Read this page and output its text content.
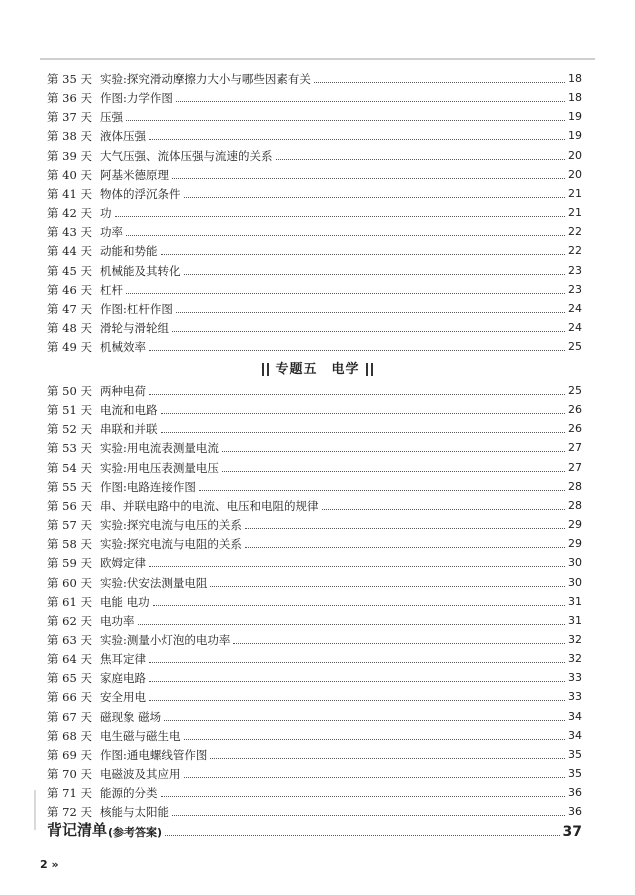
第 35 天 实验:探究滑动摩擦力大小与哪些因素有关	18
第 36 天 作图:力学作图	18
第 37 天 压强	19
第 38 天 液体压强	19
第 39 天 大气压强、流体压强与流速的关系	20
第 40 天 阿基米德原理	20
第 41 天 物体的浮沉条件	21
第 42 天 功	21
第 43 天 功率	22
第 44 天 动能和势能	22
第 45 天 机械能及其转化	23
第 46 天 杠杆	23
第 47 天 作图:杠杆作图	24
第 48 天 滑轮与滑轮组	24
第 49 天 机械效率	25
专题五 电学
第 50 天 两种电荷	25
第 51 天 电流和电路	26
第 52 天 串联和并联	26
第 53 天 实验:用电流表测量电流	27
第 54 天 实验:用电压表测量电压	27
第 55 天 作图:电路连接作图	28
第 56 天 串、并联电路中的电流、电压和电阻的规律	28
第 57 天 实验:探究电流与电压的关系	29
第 58 天 实验:探究电流与电阻的关系	29
第 59 天 欧姆定律	30
第 60 天 实验:伏安法测量电阻	30
第 61 天 电能 电功	31
第 62 天 电功率	31
第 63 天 实验:测量小灯泡的电功率	32
第 64 天 焦耳定律	32
第 65 天 家庭电路	33
第 66 天 安全用电	33
第 67 天 磁现象 磁场	34
第 68 天 电生磁与磁生电	34
第 69 天 作图:通电螺线管作图	35
第 70 天 电磁波及其应用	35
第 71 天 能源的分类	36
第 72 天 核能与太阳能	36
背记清单 (参考答案)	37
2 »
